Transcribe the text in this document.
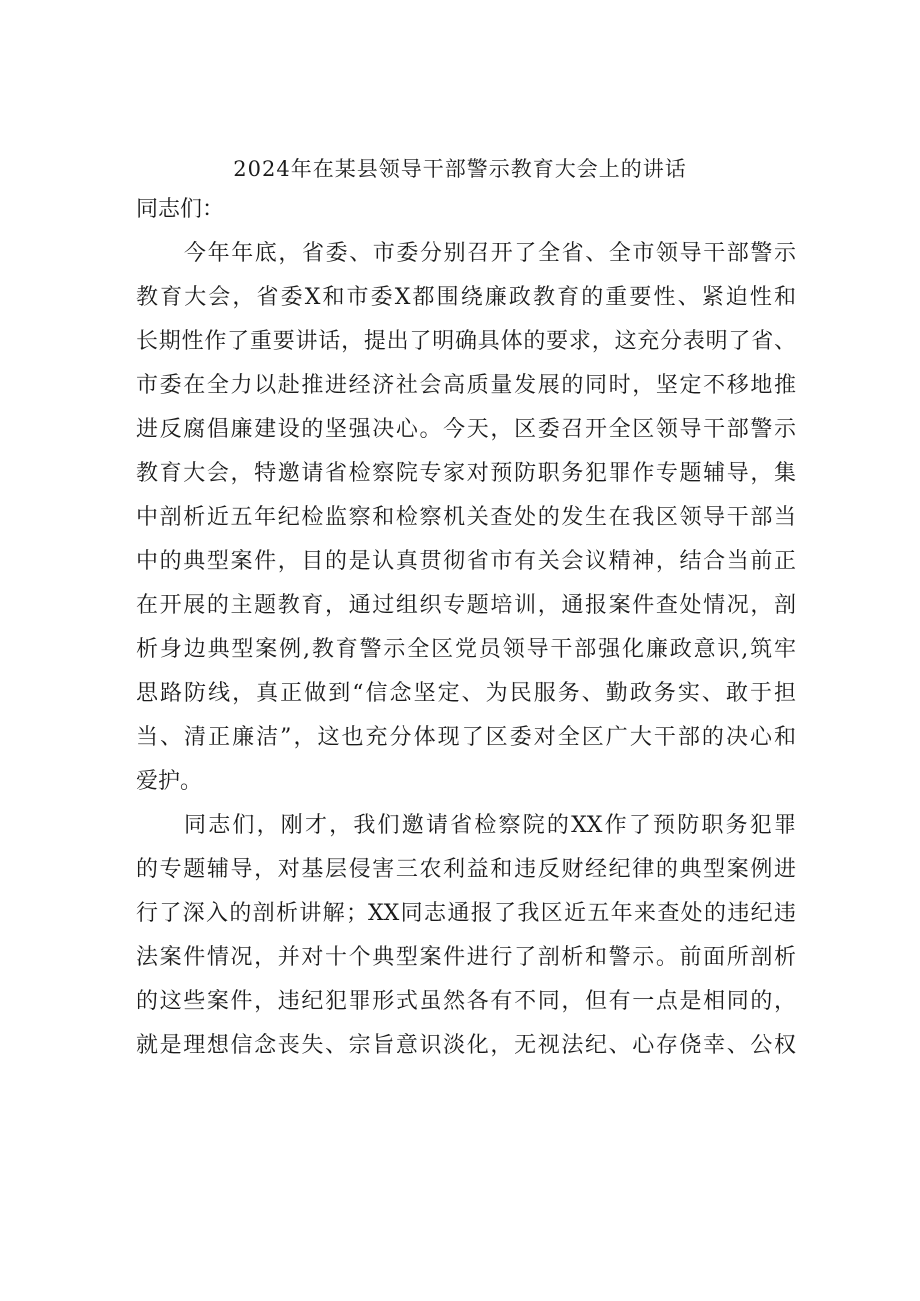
2024年在某县领导干部警示教育大会上的讲话
同志们：
今年年底，省委、市委分别召开了全省、全市领导干部警示
教育大会，省委X和市委X都围绕廉政教育的重要性、紧迫性和
长期性作了重要讲话，提出了明确具体的要求，这充分表明了省、
市委在全力以赴推进经济社会高质量发展的同时，坚定不移地推
进反腐倡廉建设的坚强决心。今天，区委召开全区领导干部警示
教育大会，特邀请省检察院专家对预防职务犯罪作专题辅导，集
中剖析近五年纪检监察和检察机关查处的发生在我区领导干部当
中的典型案件，目的是认真贯彻省市有关会议精神，结合当前正
在开展的主题教育，通过组织专题培训，通报案件查处情况，剖
析身边典型案例,教育警示全区党员领导干部强化廉政意识,筑牢
思路防线，真正做到“信念坚定、为民服务、勤政务实、敢于担
当、清正廉洁”，这也充分体现了区委对全区广大干部的决心和
爱护。
同志们，刚才，我们邀请省检察院的XX作了预防职务犯罪
的专题辅导，对基层侵害三农利益和违反财经纪律的典型案例进
行了深入的剖析讲解；XX同志通报了我区近五年来查处的违纪违
法案件情况，并对十个典型案件进行了剖析和警示。前面所剖析
的这些案件，违纪犯罪形式虽然各有不同，但有一点是相同的，
就是理想信念丧失、宗旨意识淡化，无视法纪、心存侥幸、公权
